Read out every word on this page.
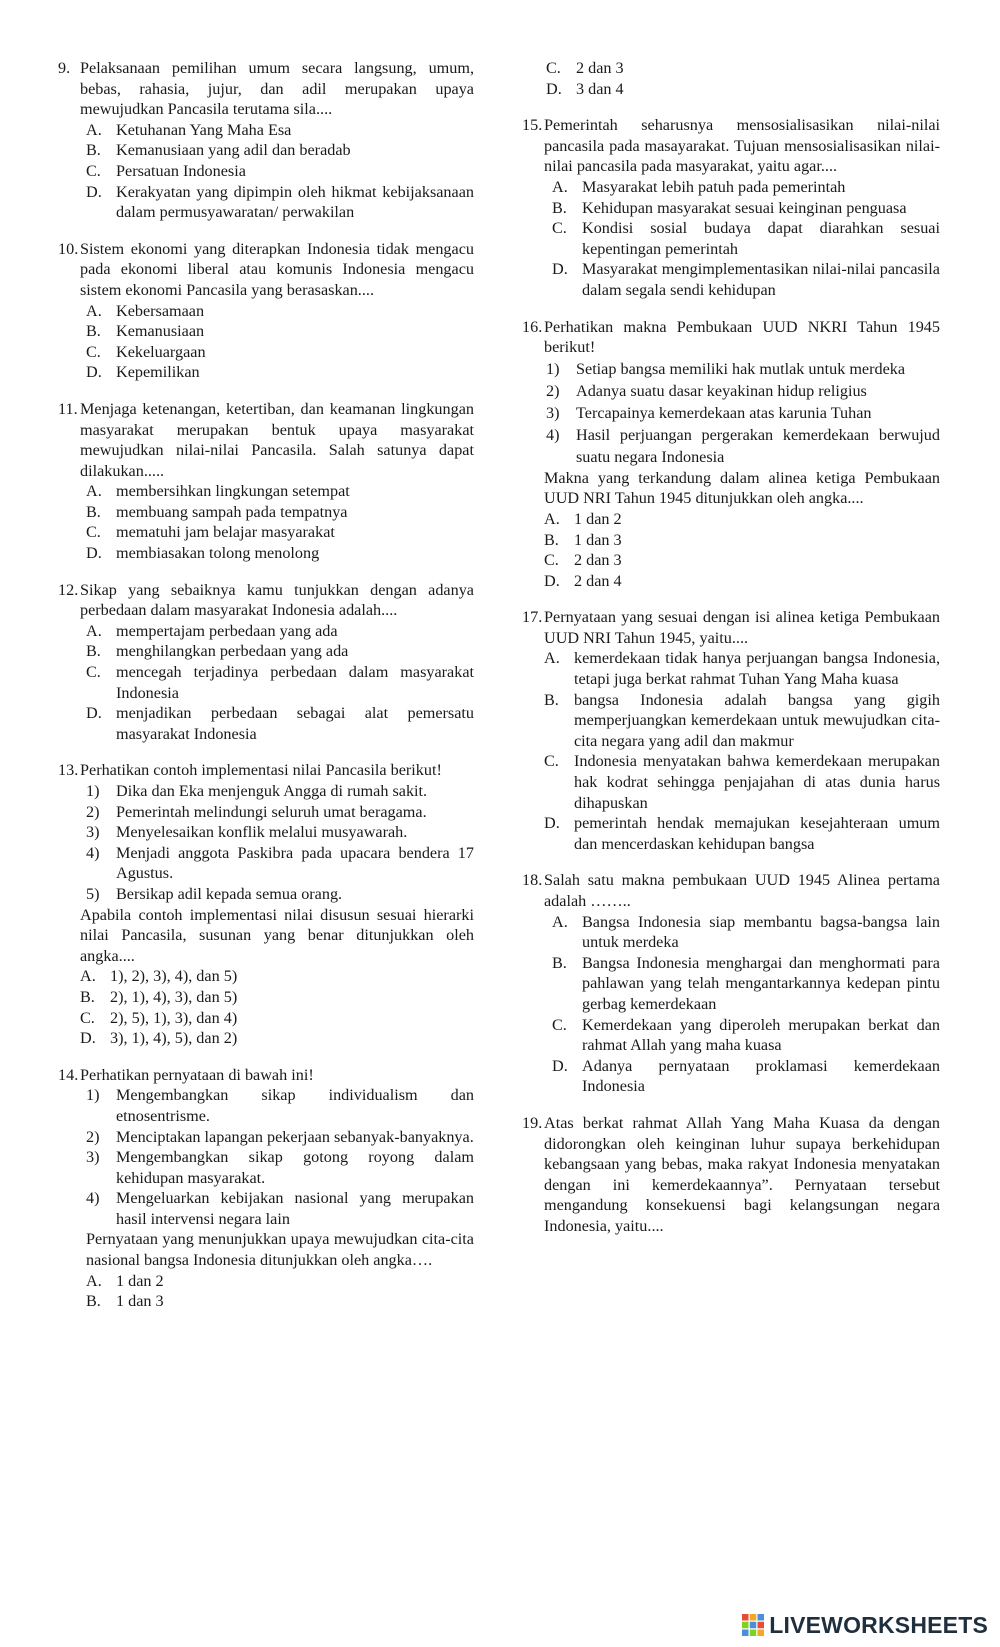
9. Pelaksanaan pemilihan umum secara langsung, umum, bebas, rahasia, jujur, dan adil merupakan upaya mewujudkan Pancasila terutama sila....
A. Ketuhanan Yang Maha Esa
B. Kemanusiaan yang adil dan beradab
C. Persatuan Indonesia
D. Kerakyatan yang dipimpin oleh hikmat kebijaksanaan dalam permusyawaratan/ perwakilan
10. Sistem ekonomi yang diterapkan Indonesia tidak mengacu pada ekonomi liberal atau komunis Indonesia mengacu sistem ekonomi Pancasila yang berasaskan....
A. Kebersamaan
B. Kemanusiaan
C. Kekeluargaan
D. Kepemilikan
11. Menjaga ketenangan, ketertiban, dan keamanan lingkungan masyarakat merupakan bentuk upaya masyarakat mewujudkan nilai-nilai Pancasila. Salah satunya dapat dilakukan.....
A. membersihkan lingkungan setempat
B. membuang sampah pada tempatnya
C. mematuhi jam belajar masyarakat
D. membiasakan tolong menolong
12. Sikap yang sebaiknya kamu tunjukkan dengan adanya perbedaan dalam masyarakat Indonesia adalah....
A. mempertajam perbedaan yang ada
B. menghilangkan perbedaan yang ada
C. mencegah terjadinya perbedaan dalam masyarakat Indonesia
D. menjadikan perbedaan sebagai alat pemersatu masyarakat Indonesia
13. Perhatikan contoh implementasi nilai Pancasila berikut!
1)	Dika dan Eka menjenguk Angga di rumah sakit.
2)	Pemerintah melindungi seluruh umat beragama.
3)	Menyelesaikan konflik melalui musyawarah.
4)	Menjadi anggota Paskibra pada upacara bendera 17 Agustus.
5)	Bersikap adil kepada semua orang.
Apabila contoh implementasi nilai disusun sesuai hierarki nilai Pancasila, susunan yang benar ditunjukkan oleh angka....
A. 1), 2), 3), 4), dan 5)
B. 2), 1), 4), 3), dan 5)
C. 2), 5), 1), 3), dan 4)
D. 3), 1), 4), 5), dan 2)
14. Perhatikan pernyataan di bawah ini!
1)	Mengembangkan sikap individualism dan etnosentrisme.
2)	Menciptakan lapangan pekerjaan sebanyak-banyaknya.
3)	Mengembangkan sikap gotong royong dalam kehidupan masyarakat.
4)	Mengeluarkan kebijakan nasional yang merupakan hasil intervensi negara lain
Pernyataan yang menunjukkan upaya mewujudkan cita-cita nasional bangsa Indonesia ditunjukkan oleh angka….
A. 1 dan 2
B. 1 dan 3
C. 2 dan 3
D. 3 dan 4
15. Pemerintah seharusnya mensosialisasikan nilai-nilai pancasila pada masayarakat. Tujuan mensosialisasikan nilai-nilai pancasila pada masyarakat, yaitu agar....
A. Masyarakat lebih patuh pada pemerintah
B. Kehidupan masyarakat sesuai keinginan penguasa
C. Kondisi sosial budaya dapat diarahkan sesuai kepentingan pemerintah
D. Masyarakat mengimplementasikan nilai-nilai pancasila dalam segala sendi kehidupan
16. Perhatikan makna Pembukaan UUD NKRI Tahun 1945 berikut!
1)	Setiap bangsa memiliki hak mutlak untuk merdeka
2)	Adanya suatu dasar keyakinan hidup religius
3)	Tercapainya kemerdekaan atas karunia Tuhan
4)	Hasil perjuangan pergerakan kemerdekaan berwujud suatu negara Indonesia
Makna yang terkandung dalam alinea ketiga Pembukaan UUD NRI Tahun 1945 ditunjukkan oleh angka....
A. 1 dan 2
B. 1 dan 3
C. 2 dan 3
D. 2 dan 4
17. Pernyataan yang sesuai dengan isi alinea ketiga Pembukaan UUD NRI Tahun 1945, yaitu....
A. kemerdekaan tidak hanya perjuangan bangsa Indonesia, tetapi juga berkat rahmat Tuhan Yang Maha kuasa
B. bangsa Indonesia adalah bangsa yang gigih memperjuangkan kemerdekaan untuk mewujudkan cita-cita negara yang adil dan makmur
C. Indonesia menyatakan bahwa kemerdekaan merupakan hak kodrat sehingga penjajahan di atas dunia harus dihapuskan
D. pemerintah hendak memajukan kesejahteraan umum dan mencerdaskan kehidupan bangsa
18. Salah satu makna pembukaan UUD 1945 Alinea pertama adalah ……..
A. Bangsa Indonesia siap membantu bagsa-bangsa lain untuk merdeka
B. Bangsa Indonesia menghargai dan menghormati para pahlawan yang telah mengantarkannya kedepan pintu gerbag kemerdekaan
C. Kemerdekaan yang diperoleh merupakan berkat dan rahmat Allah yang maha kuasa
D. Adanya pernyataan proklamasi kemerdekaan Indonesia
19. Atas berkat rahmat Allah Yang Maha Kuasa da dengan didorongkan oleh keinginan luhur supaya berkehidupan kebangsaan yang bebas, maka rakyat Indonesia menyatakan dengan ini kemerdekaannya”. Pernyataan tersebut mengandung konsekuensi bagi kelangsungan negara Indonesia, yaitu....
LIVEWORKSHEETS
